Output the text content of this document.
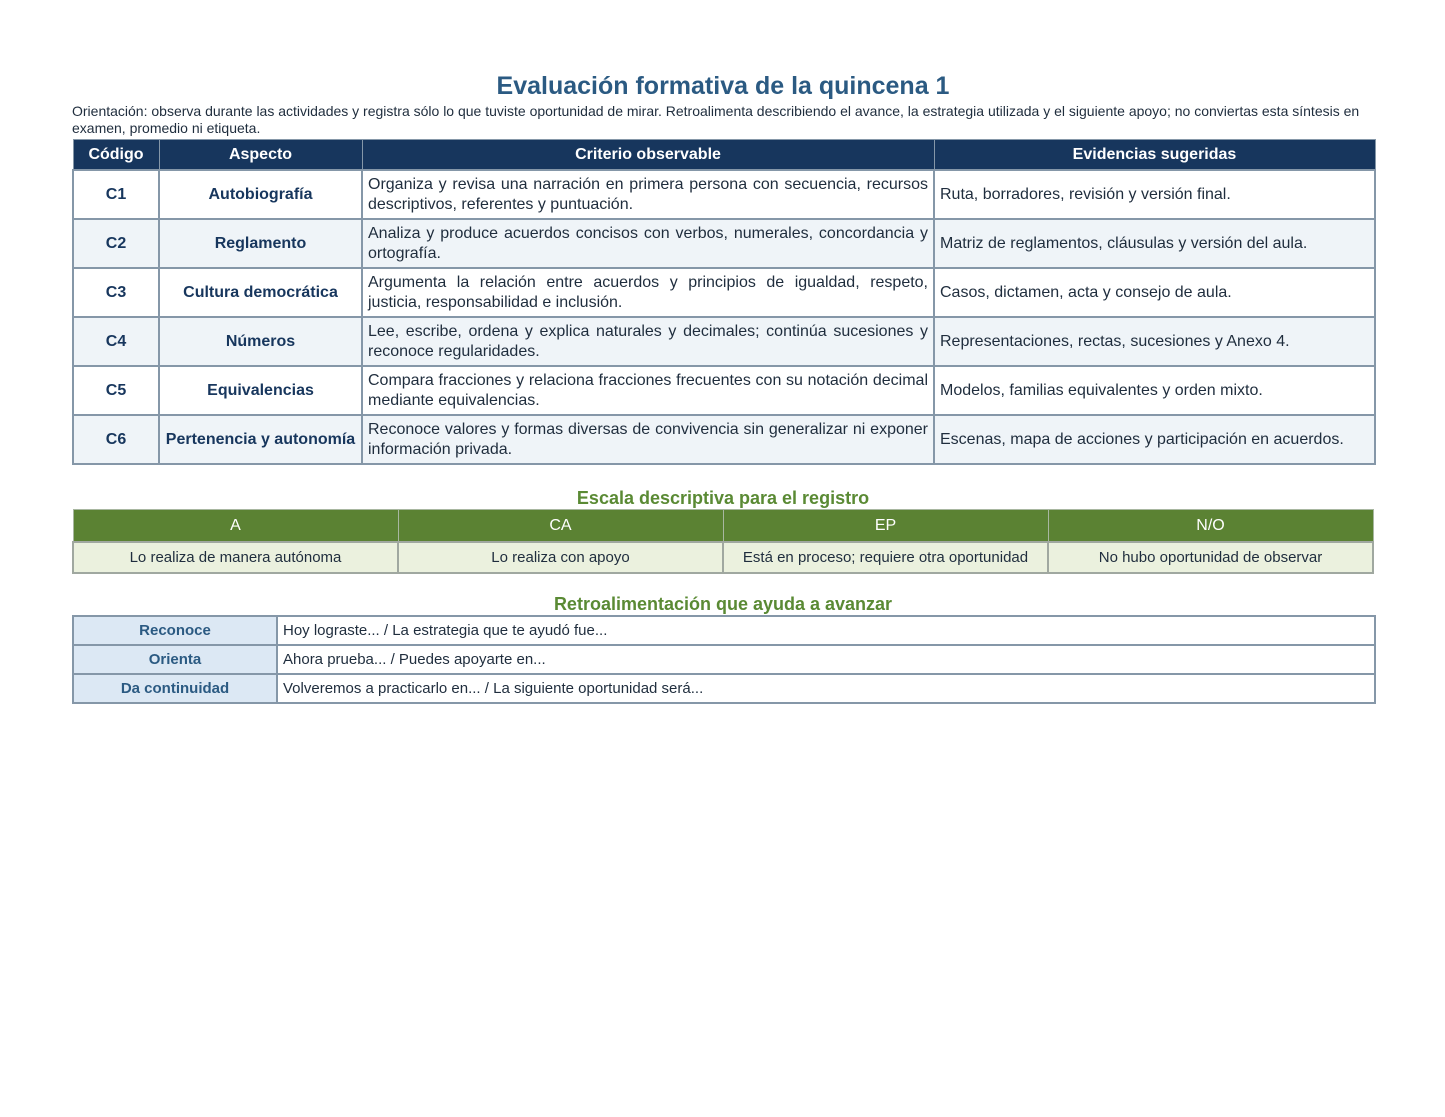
Evaluación formativa de la quincena 1

Orientación: observa durante las actividades y registra sólo lo que tuviste oportunidad de mirar. Retroalimenta describiendo el avance, la estrategia utilizada y el siguiente apoyo; no conviertas esta síntesis en examen, promedio ni etiqueta.

Código	Aspecto	Criterio observable	Evidencias sugeridas
C1	Autobiografía	Organiza y revisa una narración en primera persona con secuencia, recursos descriptivos, referentes y puntuación.	Ruta, borradores, revisión y versión final.
C2	Reglamento	Analiza y produce acuerdos concisos con verbos, numerales, concordancia y ortografía.	Matriz de reglamentos, cláusulas y versión del aula.
C3	Cultura democrática	Argumenta la relación entre acuerdos y principios de igualdad, respeto, justicia, responsabilidad e inclusión.	Casos, dictamen, acta y consejo de aula.
C4	Números	Lee, escribe, ordena y explica naturales y decimales; continúa sucesiones y reconoce regularidades.	Representaciones, rectas, sucesiones y Anexo 4.
C5	Equivalencias	Compara fracciones y relaciona fracciones frecuentes con su notación decimal mediante equivalencias.	Modelos, familias equivalentes y orden mixto.
C6	Pertenencia y autonomía	Reconoce valores y formas diversas de convivencia sin generalizar ni exponer información privada.	Escenas, mapa de acciones y participación en acuerdos.
Escala descriptiva para el registro
A	CA	EP	N/O
Lo realiza de manera autónoma	Lo realiza con apoyo	Está en proceso; requiere otra oportunidad	No hubo oportunidad de observar
Retroalimentación que ayuda a avanzar
Reconoce	Hoy lograste... / La estrategia que te ayudó fue...
Orienta	Ahora prueba... / Puedes apoyarte en...
Da continuidad	Volveremos a practicarlo en... / La siguiente oportunidad será...
